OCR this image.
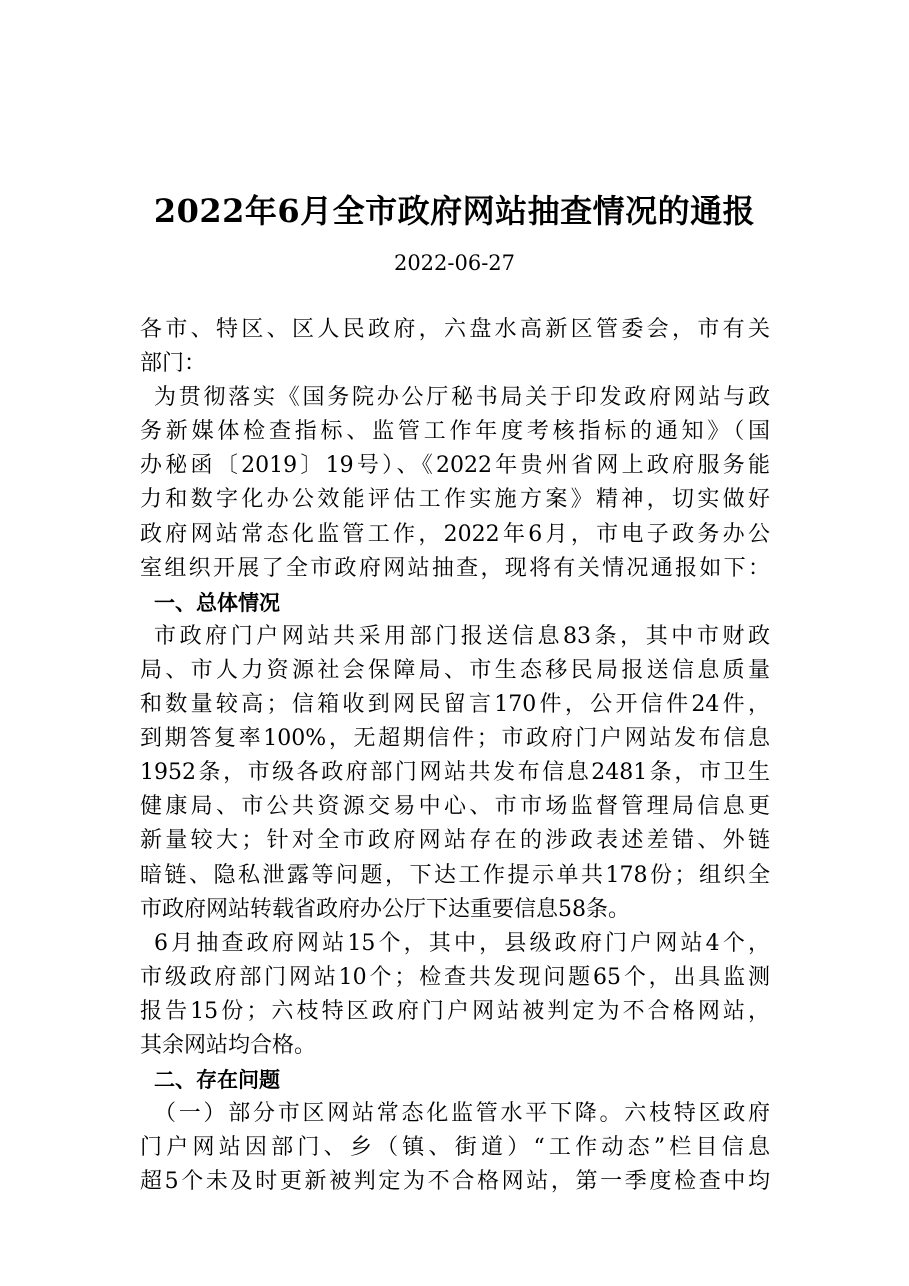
2022年6月全市政府网站抽查情况的通报
2022-06-27
各市、特区、区人民政府，六盘水高新区管委会，市有关
部门：
为贯彻落实《国务院办公厅秘书局关于印发政府网站与政
务新媒体检查指标、监管工作年度考核指标的通知》（国
办秘函〔2019〕19号）、《2022年贵州省网上政府服务能
力和数字化办公效能评估工作实施方案》精神，切实做好
政府网站常态化监管工作，2022年6月，市电子政务办公
室组织开展了全市政府网站抽查，现将有关情况通报如下：
一、总体情况
市政府门户网站共采用部门报送信息83条，其中市财政
局、市人力资源社会保障局、市生态移民局报送信息质量
和数量较高；信箱收到网民留言170件，公开信件24件，
到期答复率100%，无超期信件；市政府门户网站发布信息
1952条，市级各政府部门网站共发布信息2481条，市卫生
健康局、市公共资源交易中心、市市场监督管理局信息更
新量较大；针对全市政府网站存在的涉政表述差错、外链
暗链、隐私泄露等问题，下达工作提示单共178份；组织全
市政府网站转载省政府办公厅下达重要信息58条。
6月抽查政府网站15个，其中，县级政府门户网站4个，
市级政府部门网站10个；检查共发现问题65个，出具监测
报告15份；六枝特区政府门户网站被判定为不合格网站，
其余网站均合格。
二、存在问题
（一）部分市区网站常态化监管水平下降。六枝特区政府
门户网站因部门、乡（镇、街道）“工作动态”栏目信息
超5个未及时更新被判定为不合格网站，第一季度检查中均
